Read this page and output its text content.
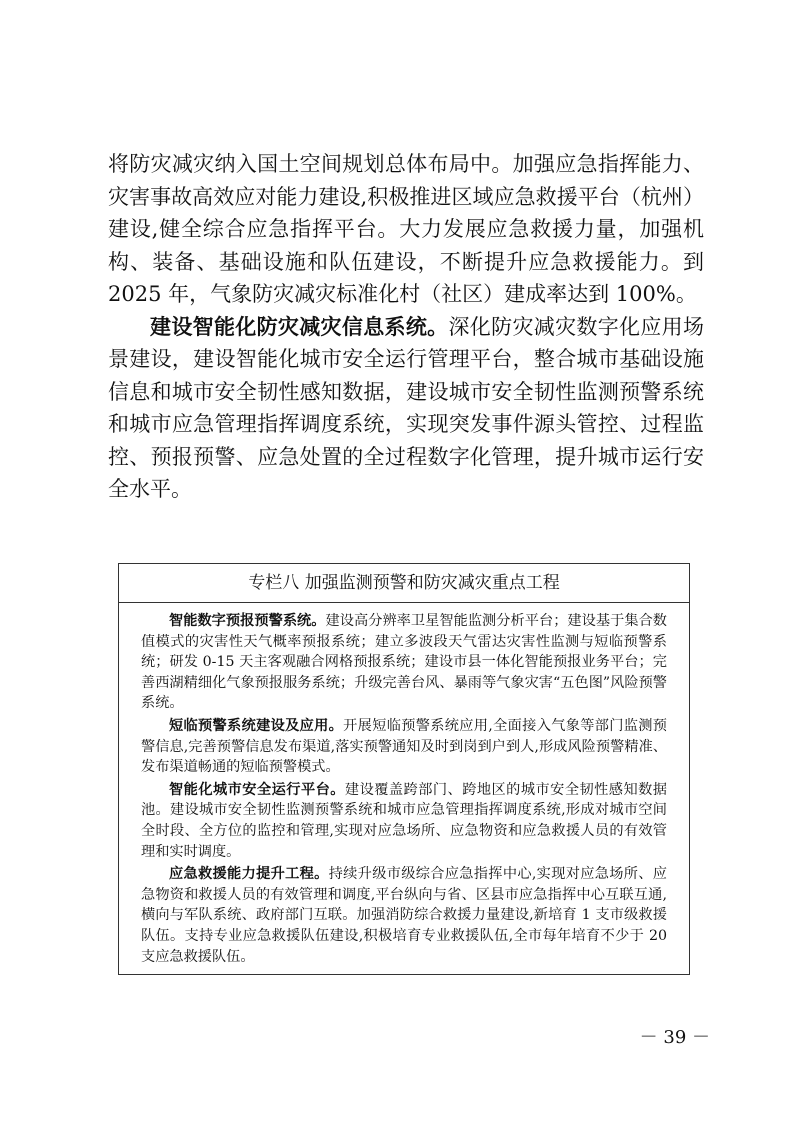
将防灾减灾纳入国土空间规划总体布局中。加强应急指挥能力、灾害事故高效应对能力建设,积极推进区域应急救援平台（杭州）建设,健全综合应急指挥平台。大力发展应急救援力量，加强机构、装备、基础设施和队伍建设，不断提升应急救援能力。到 2025 年，气象防灾减灾标准化村（社区）建成率达到 100%。

建设智能化防灾减灾信息系统。深化防灾减灾数字化应用场景建设，建设智能化城市安全运行管理平台，整合城市基础设施信息和城市安全韧性感知数据，建设城市安全韧性监测预警系统和城市应急管理指挥调度系统，实现突发事件源头管控、过程监控、预报预警、应急处置的全过程数字化管理，提升城市运行安全水平。

专栏八 加强监测预警和防灾减灾重点工程

智能数字预报预警系统。建设高分辨率卫星智能监测分析平台；建设基于集合数值模式的灾害性天气概率预报系统；建立多波段天气雷达灾害性监测与短临预警系统；研发 0-15 天主客观融合网格预报系统；建设市县一体化智能预报业务平台；完善西湖精细化气象预报服务系统；升级完善台风、暴雨等气象灾害“五色图”风险预警系统。

短临预警系统建设及应用。开展短临预警系统应用,全面接入气象等部门监测预警信息,完善预警信息发布渠道,落实预警通知及时到岗到户到人,形成风险预警精准、发布渠道畅通的短临预警模式。

智能化城市安全运行平台。建设覆盖跨部门、跨地区的城市安全韧性感知数据池。建设城市安全韧性监测预警系统和城市应急管理指挥调度系统,形成对城市空间全时段、全方位的监控和管理,实现对应急场所、应急物资和应急救援人员的有效管理和实时调度。

应急救援能力提升工程。持续升级市级综合应急指挥中心,实现对应急场所、应急物资和救援人员的有效管理和调度,平台纵向与省、区县市应急指挥中心互联互通,横向与军队系统、政府部门互联。加强消防综合救援力量建设,新培育 1 支市级救援队伍。支持专业应急救援队伍建设,积极培育专业救援队伍,全市每年培育不少于 20 支应急救援队伍。

－ 39 －
